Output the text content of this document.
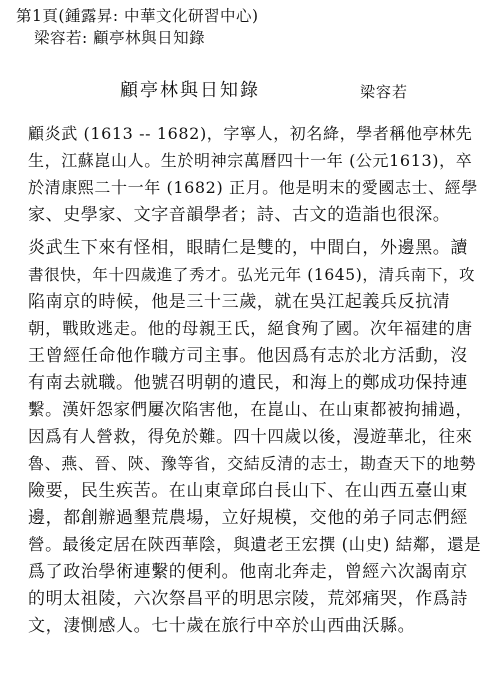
第1頁(鍾露昇: 中華文化研習中心)
梁容若: 顧亭林與日知錄
顧亭林與日知錄	梁容若
顧炎武 (1613 -- 1682)，字寧人，初名絳，學者稱他亭林先
生，江蘇崑山人。生於明神宗萬曆四十一年 (公元1613)，卒
於清康熙二十一年 (1682) 正月。他是明末的愛國志士、經學
家、史學家、文字音韻學者；詩、古文的造詣也很深。
炎武生下來有怪相，眼睛仁是雙的，中間白，外邊黑。讀
書很快，年十四歲進了秀才。弘光元年 (1645)，清兵南下，攻
陷南京的時候，他是三十三歲，就在吳江起義兵反抗清
朝，戰敗逃走。他的母親王氏，絕食殉了國。次年福建的唐
王曾經任命他作職方司主事。他因爲有志於北方活動，沒
有南去就職。他號召明朝的遺民，和海上的鄭成功保持連
繫。漢奸怨家們屢次陷害他，在崑山、在山東都被拘捕過，
因爲有人營救，得免於難。四十四歲以後，漫遊華北，往來
魯、燕、晉、陝、豫等省，交結反清的志士，勘查天下的地勢
險要，民生疾苦。在山東章邱白長山下、在山西五臺山東
邊，都創辦過墾荒農場，立好規模，交他的弟子同志們經
營。最後定居在陝西華陰，與遺老王宏撰 (山史) 結鄰，還是
爲了政治學術連繫的便利。他南北奔走，曾經六次謁南京
的明太祖陵，六次祭昌平的明思宗陵，荒郊痛哭，作爲詩
文，淒惻感人。七十歲在旅行中卒於山西曲沃縣。
